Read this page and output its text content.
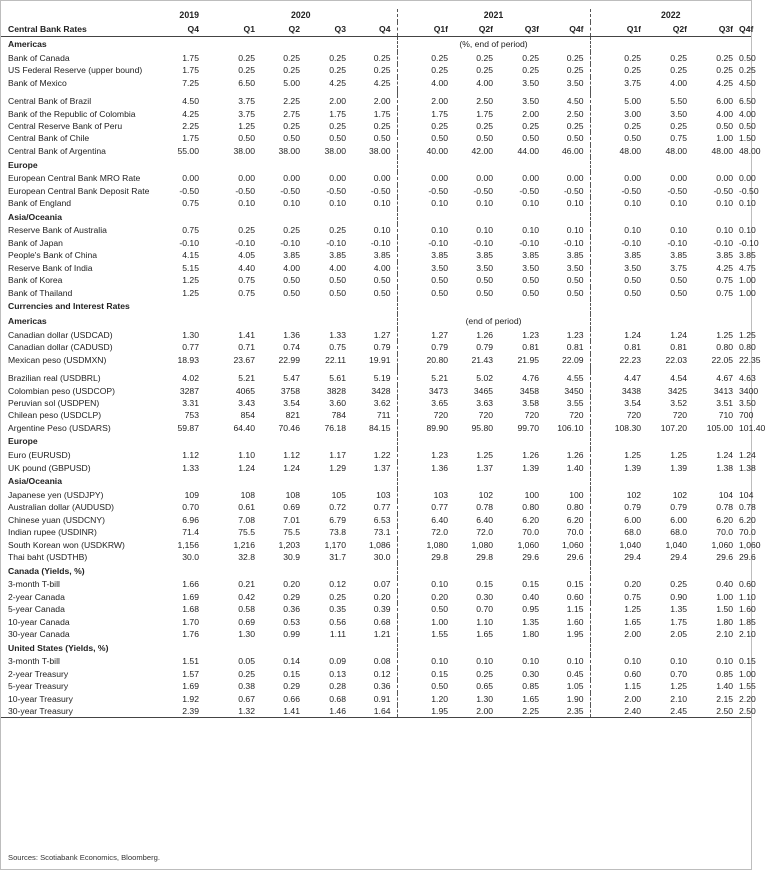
	2019	2020				2021				2022				
Central Bank Rates	Q4	Q1	Q2	Q3	Q4	Q1f	Q2f	Q3f	Q4f	Q1f	Q2f	Q3f	Q4f	
Americas						(%, end of period)								
Bank of Canada	1.75	0.25	0.25	0.25	0.25	0.25	0.25	0.25	0.25	0.25	0.25	0.25	0.50	
US Federal Reserve (upper bound)	1.75	0.25	0.25	0.25	0.25	0.25	0.25	0.25	0.25	0.25	0.25	0.25	0.25	
Bank of Mexico	7.25	6.50	5.00	4.25	4.25	4.00	4.00	3.50	3.50	3.75	4.00	4.25	4.50	

Central Bank of Brazil	4.50	3.75	2.25	2.00	2.00	2.00	2.50	3.50	4.50	5.00	5.50	6.00	6.50	
Bank of the Republic of Colombia	4.25	3.75	2.75	1.75	1.75	1.75	1.75	2.00	2.50	3.00	3.50	4.00	4.00	
Central Reserve Bank of Peru	2.25	1.25	0.25	0.25	0.25	0.25	0.25	0.25	0.25	0.25	0.25	0.50	0.50	
Central Bank of Chile	1.75	0.50	0.50	0.50	0.50	0.50	0.50	0.50	0.50	0.50	0.75	1.00	1.50	
Central Bank of Argentina	55.00	38.00	38.00	38.00	38.00	40.00	42.00	44.00	46.00	48.00	48.00	48.00	48.00	
Europe														
European Central Bank MRO Rate	0.00	0.00	0.00	0.00	0.00	0.00	0.00	0.00	0.00	0.00	0.00	0.00	0.00	
European Central Bank Deposit Rate	-0.50	-0.50	-0.50	-0.50	-0.50	-0.50	-0.50	-0.50	-0.50	-0.50	-0.50	-0.50	-0.50	
Bank of England	0.75	0.10	0.10	0.10	0.10	0.10	0.10	0.10	0.10	0.10	0.10	0.10	0.10	
Asia/Oceania														
Reserve Bank of Australia	0.75	0.25	0.25	0.25	0.10	0.10	0.10	0.10	0.10	0.10	0.10	0.10	0.10	
Bank of Japan	-0.10	-0.10	-0.10	-0.10	-0.10	-0.10	-0.10	-0.10	-0.10	-0.10	-0.10	-0.10	-0.10	
People's Bank of China	4.15	4.05	3.85	3.85	3.85	3.85	3.85	3.85	3.85	3.85	3.85	3.85	3.85	
Reserve Bank of India	5.15	4.40	4.00	4.00	4.00	3.50	3.50	3.50	3.50	3.50	3.75	4.25	4.75	
Bank of Korea	1.25	0.75	0.50	0.50	0.50	0.50	0.50	0.50	0.50	0.50	0.50	0.75	1.00	
Bank of Thailand	1.25	0.75	0.50	0.50	0.50	0.50	0.50	0.50	0.50	0.50	0.50	0.75	1.00	
Currencies and Interest Rates														
Americas						(end of period)								
Canadian dollar (USDCAD)	1.30	1.41	1.36	1.33	1.27	1.27	1.26	1.23	1.23	1.24	1.24	1.25	1.25	
Canadian dollar (CADUSD)	0.77	0.71	0.74	0.75	0.79	0.79	0.79	0.81	0.81	0.81	0.81	0.80	0.80	
Mexican peso (USDMXN)	18.93	23.67	22.99	22.11	19.91	20.80	21.43	21.95	22.09	22.23	22.03	22.05	22.35	

Brazilian real (USDBRL)	4.02	5.21	5.47	5.61	5.19	5.21	5.02	4.76	4.55	4.47	4.54	4.67	4.63	
Colombian peso (USDCOP)	3287	4065	3758	3828	3428	3473	3465	3458	3450	3438	3425	3413	3400	
Peruvian sol (USDPEN)	3.31	3.43	3.54	3.60	3.62	3.65	3.63	3.58	3.55	3.54	3.52	3.51	3.50	
Chilean peso (USDCLP)	753	854	821	784	711	720	720	720	720	720	720	710	700	
Argentine Peso (USDARS)	59.87	64.40	70.46	76.18	84.15	89.90	95.80	99.70	106.10	108.30	107.20	105.00	101.40	
Europe														
Euro (EURUSD)	1.12	1.10	1.12	1.17	1.22	1.23	1.25	1.26	1.26	1.25	1.25	1.24	1.24	
UK pound (GBPUSD)	1.33	1.24	1.24	1.29	1.37	1.36	1.37	1.39	1.40	1.39	1.39	1.38	1.38	
Asia/Oceania														
Japanese yen (USDJPY)	109	108	108	105	103	103	102	100	100	102	102	104	104	
Australian dollar (AUDUSD)	0.70	0.61	0.69	0.72	0.77	0.77	0.78	0.80	0.80	0.79	0.79	0.78	0.78	
Chinese yuan (USDCNY)	6.96	7.08	7.01	6.79	6.53	6.40	6.40	6.20	6.20	6.00	6.00	6.20	6.20	
Indian rupee (USDINR)	71.4	75.5	75.5	73.8	73.1	72.0	72.0	70.0	70.0	68.0	68.0	70.0	70.0	
South Korean won (USDKRW)	1,156	1,216	1,203	1,170	1,086	1,080	1,080	1,060	1,060	1,040	1,040	1,060	1,060	
Thai baht (USDTHB)	30.0	32.8	30.9	31.7	30.0	29.8	29.8	29.6	29.6	29.4	29.4	29.6	29.6	
Canada (Yields, %)														
3-month T-bill	1.66	0.21	0.20	0.12	0.07	0.10	0.15	0.15	0.15	0.20	0.25	0.40	0.60	
2-year Canada	1.69	0.42	0.29	0.25	0.20	0.20	0.30	0.40	0.60	0.75	0.90	1.00	1.10	
5-year Canada	1.68	0.58	0.36	0.35	0.39	0.50	0.70	0.95	1.15	1.25	1.35	1.50	1.60	
10-year Canada	1.70	0.69	0.53	0.56	0.68	1.00	1.10	1.35	1.60	1.65	1.75	1.80	1.85	
30-year Canada	1.76	1.30	0.99	1.11	1.21	1.55	1.65	1.80	1.95	2.00	2.05	2.10	2.10	
United States (Yields, %)														
3-month T-bill	1.51	0.05	0.14	0.09	0.08	0.10	0.10	0.10	0.10	0.10	0.10	0.10	0.15	
2-year Treasury	1.57	0.25	0.15	0.13	0.12	0.15	0.25	0.30	0.45	0.60	0.70	0.85	1.00	
5-year Treasury	1.69	0.38	0.29	0.28	0.36	0.50	0.65	0.85	1.05	1.15	1.25	1.40	1.55	
10-year Treasury	1.92	0.67	0.66	0.68	0.91	1.20	1.30	1.65	1.90	2.00	2.10	2.15	2.20	
30-year Treasury	2.39	1.32	1.41	1.46	1.64	1.95	2.00	2.25	2.35	2.40	2.45	2.50	2.50	
Sources: Scotiabank Economics, Bloomberg.
